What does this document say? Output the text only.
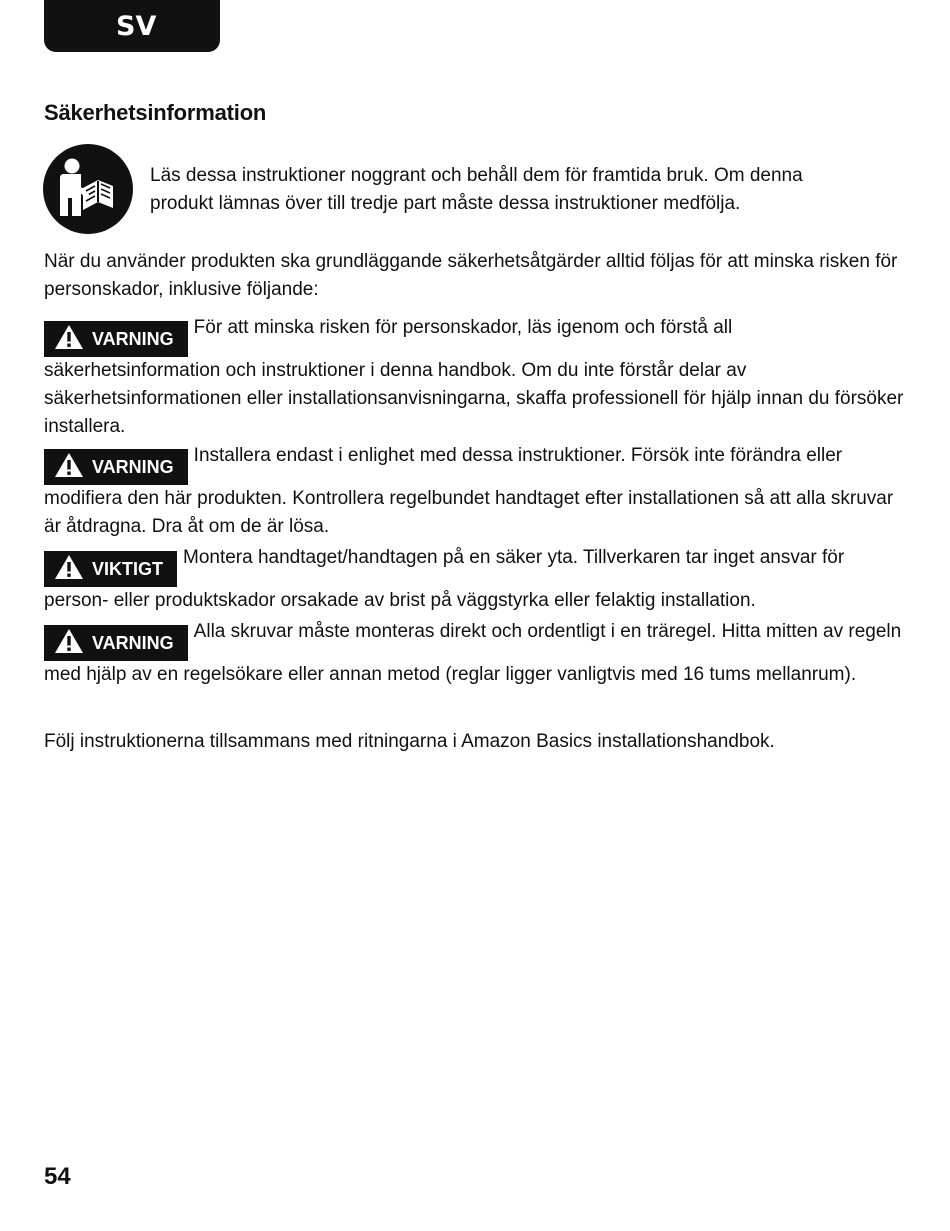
SV
Säkerhetsinformation

Läs dessa instruktioner noggrant och behåll dem för framtida bruk. Om denna produkt lämnas över till tredje part måste dessa instruktioner medfölja.

När du använder produkten ska grundläggande säkerhetsåtgärder alltid följas för att minska risken för personskador, inklusive följande:

VARNINGFör att minska risken för personskador, läs igenom och förstå all säkerhetsinformation och instruktioner i denna handbok. Om du inte förstår delar av säkerhetsinformationen eller installationsanvisningarna, skaffa professionell för hjälp innan du försöker installera.

VARNINGInstallera endast i enlighet med dessa instruktioner. Försök inte förändra eller modifiera den här produkten. Kontrollera regelbundet handtaget efter installationen så att alla skruvar är åtdragna. Dra åt om de är lösa.

VIKTIGTMontera handtaget/handtagen på en säker yta. Tillverkaren tar inget ansvar för person- eller produktskador orsakade av brist på väggstyrka eller felaktig installation.

VARNINGAlla skruvar måste monteras direkt och ordentligt i en träregel. Hitta mitten av regeln med hjälp av en regelsökare eller annan metod (reglar ligger vanligtvis med 16 tums mellanrum).

Följ instruktionerna tillsammans med ritningarna i Amazon Basics installationshandbok.

54
